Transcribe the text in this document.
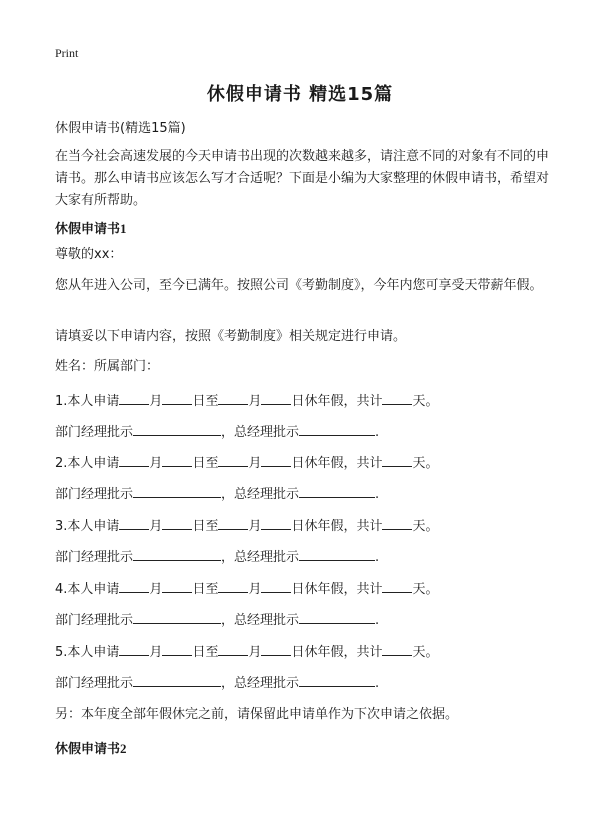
Print
休假申请书 精选15篇
休假申请书(精选15篇)
在当今社会高速发展的今天申请书出现的次数越来越多，请注意不同的对象有不同的申请书。那么申请书应该怎么写才合适呢？下面是小编为大家整理的休假申请书，希望对大家有所帮助。
休假申请书1
尊敬的xx：
您从年进入公司，至今已满年。按照公司《考勤制度》，今年内您可享受天带薪年假。
请填妥以下申请内容，按照《考勤制度》相关规定进行申请。
姓名：所属部门：
1.本人申请 月 日至 月 日休年假，共计 天。
部门经理批示	，总经理批示	.
2.本人申请 月 日至 月 日休年假，共计 天。
部门经理批示	，总经理批示	.
3.本人申请 月 日至 月 日休年假，共计 天。
部门经理批示	，总经理批示	.
4.本人申请 月 日至 月 日休年假，共计 天。
部门经理批示	，总经理批示	.
5.本人申请 月 日至 月 日休年假，共计 天。
部门经理批示	，总经理批示	.
另：本年度全部年假休完之前，请保留此申请单作为下次申请之依据。
休假申请书2
